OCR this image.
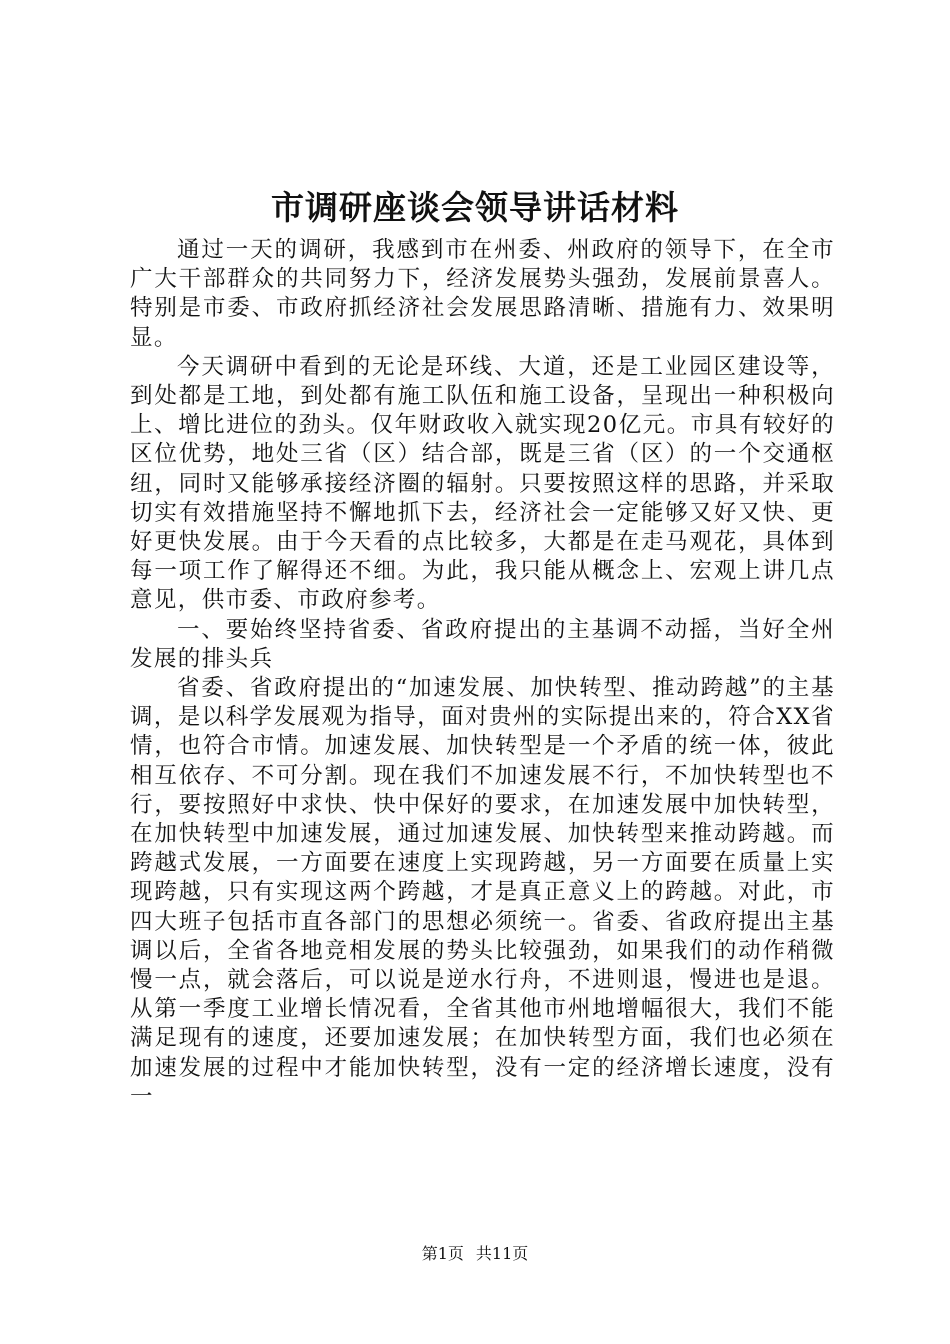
市调研座谈会领导讲话材料

通过一天的调研，我感到市在州委、州政府的领导下，在全市广大干部群众的共同努力下，经济发展势头强劲，发展前景喜人。特别是市委、市政府抓经济社会发展思路清晰、措施有力、效果明显。

今天调研中看到的无论是环线、大道，还是工业园区建设等，到处都是工地，到处都有施工队伍和施工设备，呈现出一种积极向上、增比进位的劲头。仅年财政收入就实现20亿元。市具有较好的区位优势，地处三省（区）结合部，既是三省（区）的一个交通枢纽，同时又能够承接经济圈的辐射。只要按照这样的思路，并采取切实有效措施坚持不懈地抓下去，经济社会一定能够又好又快、更好更快发展。由于今天看的点比较多，大都是在走马观花，具体到每一项工作了解得还不细。为此，我只能从概念上、宏观上讲几点意见，供市委、市政府参考。

一、要始终坚持省委、省政府提出的主基调不动摇，当好全州发展的排头兵

省委、省政府提出的“加速发展、加快转型、推动跨越”的主基调，是以科学发展观为指导，面对贵州的实际提出来的，符合XX省情，也符合市情。加速发展、加快转型是一个矛盾的统一体，彼此相互依存、不可分割。现在我们不加速发展不行，不加快转型也不行，要按照好中求快、快中保好的要求，在加速发展中加快转型，在加快转型中加速发展，通过加速发展、加快转型来推动跨越。而跨越式发展，一方面要在速度上实现跨越，另一方面要在质量上实现跨越，只有实现这两个跨越，才是真正意义上的跨越。对此，市四大班子包括市直各部门的思想必须统一。省委、省政府提出主基调以后，全省各地竞相发展的势头比较强劲，如果我们的动作稍微慢一点，就会落后，可以说是逆水行舟，不进则退，慢进也是退。从第一季度工业增长情况看，全省其他市州地增幅很大，我们不能满足现有的速度，还要加速发展；在加快转型方面，我们也必须在加速发展的过程中才能加快转型，没有一定的经济增长速度，没有一

第1页 共11页
